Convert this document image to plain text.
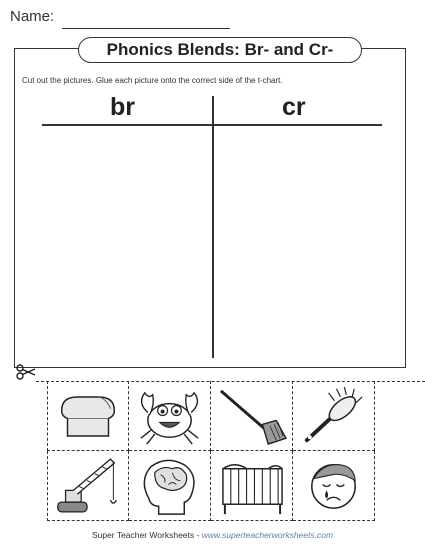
Name:
Phonics Blends: Br- and Cr-
Cut out the pictures. Glue each picture onto the correct side of the t-chart.
br	cr
Super Teacher Worksheets - www.superteacherworksheets.com
